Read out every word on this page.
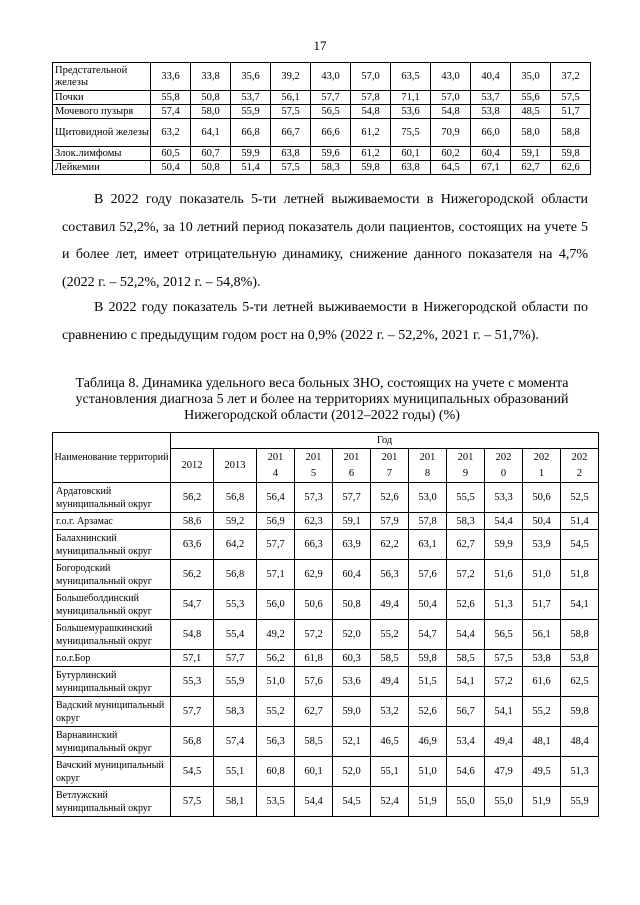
17
Предстательной железы	33,6	33,8	35,6	39,2	43,0	57,0	63,5	43,0	40,4	35,0	37,2
Почки	55,8	50,8	53,7	56,1	57,7	57,8	71,1	57,0	53,7	55,6	57,5
Мочевого пузыря	57,4	58,0	55,9	57,5	56,5	54,8	53,6	54,8	53,8	48,5	51,7
Щитовидной железы	63,2	64,1	66,8	66,7	66,6	61,2	75,5	70,9	66,0	58,0	58,8
Злок.лимфомы	60,5	60,7	59,9	63,8	59,6	61,2	60,1	60,2	60,4	59,1	59,8
Лейкемии	50,4	50,8	51,4	57,5	58,3	59,8	63,8	64,5	67,1	62,7	62,6
В 2022 году показатель 5-ти летней выживаемости в Нижегородской области составил 52,2%, за 10 летний период показатель доли пациентов, состоящих на учете 5 и более лет, имеет отрицательную динамику, снижение данного показателя на 4,7% (2022 г. – 52,2%, 2012 г. – 54,8%).
В 2022 году показатель 5-ти летней выживаемости в Нижегородской области по сравнению с предыдущим годом рост на 0,9% (2022 г. – 52,2%, 2021 г. – 51,7%).
Таблица 8. Динамика удельного веса больных ЗНО, состоящих на учете с момента установления диагноза 5 лет и более на территориях муниципальных образований Нижегородской области (2012–2022 годы) (%)
Наименование территорий	Год										
	2012	2013	2014	2015	2016	2017	2018	2019	2020	2021	2022
Ардатовский муниципальный округ	56,2	56,8	56,4	57,3	57,7	52,6	53,0	55,5	53,3	50,6	52,5
г.о.г. Арзамас	58,6	59,2	56,9	62,3	59,1	57,9	57,8	58,3	54,4	50,4	51,4
Балахнинский муниципальный округ	63,6	64,2	57,7	66,3	63,9	62,2	63,1	62,7	59,9	53,9	54,5
Богородский муниципальный округ	56,2	56,8	57,1	62,9	60,4	56,3	57,6	57,2	51,6	51,0	51,8
Большеболдинский муниципальный округ	54,7	55,3	56,0	50,6	50,8	49,4	50,4	52,6	51,3	51,7	54,1
Большемурашкинский муниципальный округ	54,8	55,4	49,2	57,2	52,0	55,2	54,7	54,4	56,5	56,1	58,8
г.о.г.Бор	57,1	57,7	56,2	61,8	60,3	58,5	59,8	58,5	57,5	53,8	53,8
Бутурлинский муниципальный округ	55,3	55,9	51,0	57,6	53,6	49,4	51,5	54,1	57,2	61,6	62,5
Вадский муниципальный округ	57,7	58,3	55,2	62,7	59,0	53,2	52,6	56,7	54,1	55,2	59,8
Варнавинский муниципальный округ	56,8	57,4	56,3	58,5	52,1	46,5	46,9	53,4	49,4	48,1	48,4
Вачский муниципальный округ	54,5	55,1	60,8	60,1	52,0	55,1	51,0	54,6	47,9	49,5	51,3
Ветлужский муниципальный округ	57,5	58,1	53,5	54,4	54,5	52,4	51,9	55,0	55,0	51,9	55,9
